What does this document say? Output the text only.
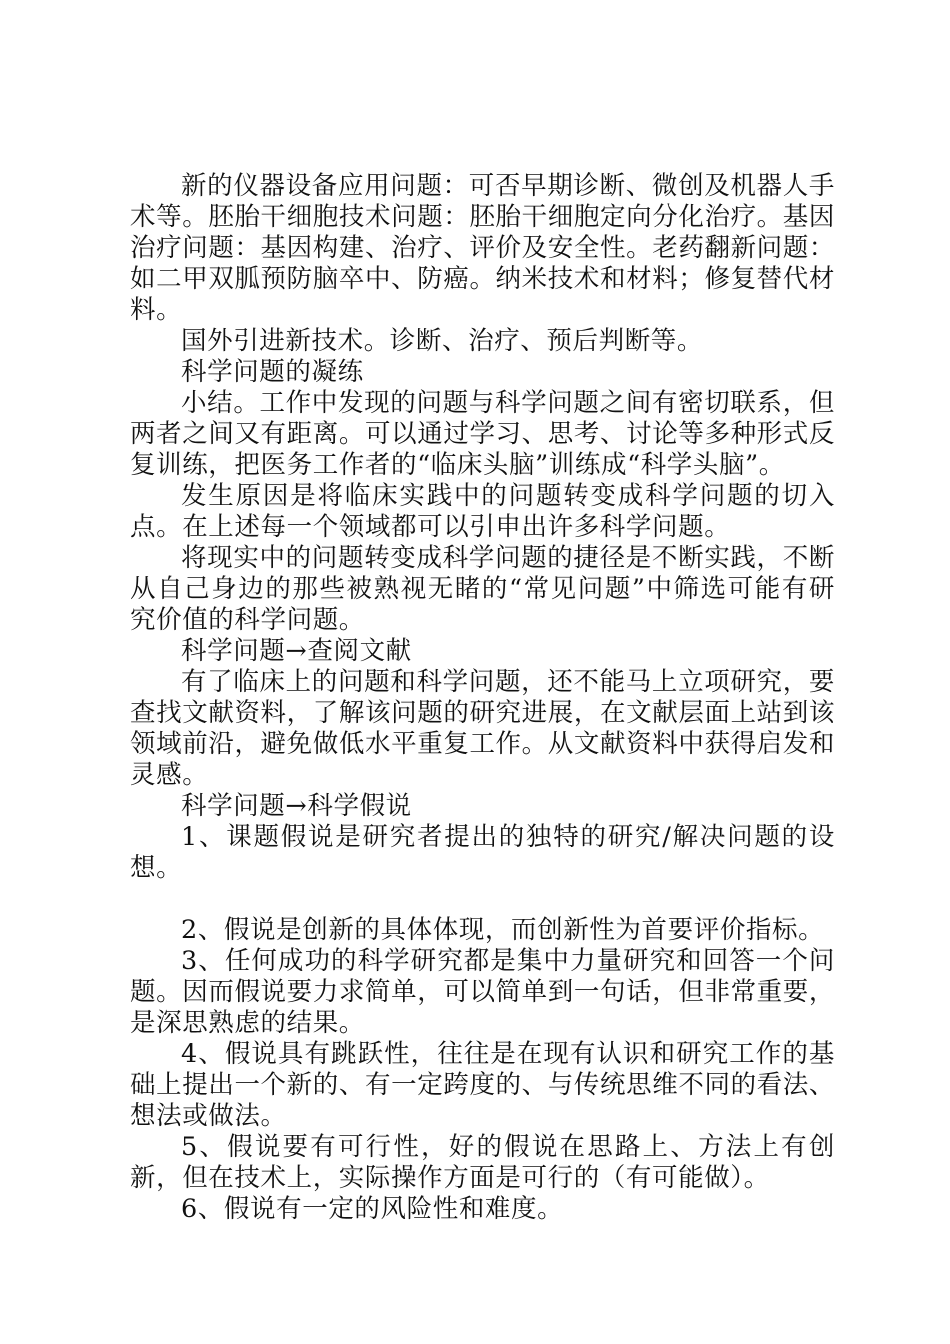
新的仪器设备应用问题：可否早期诊断、微创及机器人手术等。胚胎干细胞技术问题：胚胎干细胞定向分化治疗。基因治疗问题：基因构建、治疗、评价及安全性。老药翻新问题：如二甲双胍预防脑卒中、防癌。纳米技术和材料；修复替代材料。

国外引进新技术。诊断、治疗、预后判断等。

科学问题的凝练

小结。工作中发现的问题与科学问题之间有密切联系，但两者之间又有距离。可以通过学习、思考、讨论等多种形式反复训练，把医务工作者的“临床头脑”训练成“科学头脑”。

发生原因是将临床实践中的问题转变成科学问题的切入点。在上述每一个领域都可以引申出许多科学问题。

将现实中的问题转变成科学问题的捷径是不断实践，不断从自己身边的那些被熟视无睹的“常见问题”中筛选可能有研究价值的科学问题。

科学问题→查阅文献

有了临床上的问题和科学问题，还不能马上立项研究，要查找文献资料，了解该问题的研究进展，在文献层面上站到该领域前沿，避免做低水平重复工作。从文献资料中获得启发和灵感。

科学问题→科学假说

1、课题假说是研究者提出的独特的研究/解决问题的设想。

2、假说是创新的具体体现，而创新性为首要评价指标。

3、任何成功的科学研究都是集中力量研究和回答一个问题。因而假说要力求简单，可以简单到一句话，但非常重要，是深思熟虑的结果。

4、假说具有跳跃性，往往是在现有认识和研究工作的基础上提出一个新的、有一定跨度的、与传统思维不同的看法、想法或做法。

5、假说要有可行性，好的假说在思路上、方法上有创新，但在技术上，实际操作方面是可行的（有可能做）。

6、假说有一定的风险性和难度。
